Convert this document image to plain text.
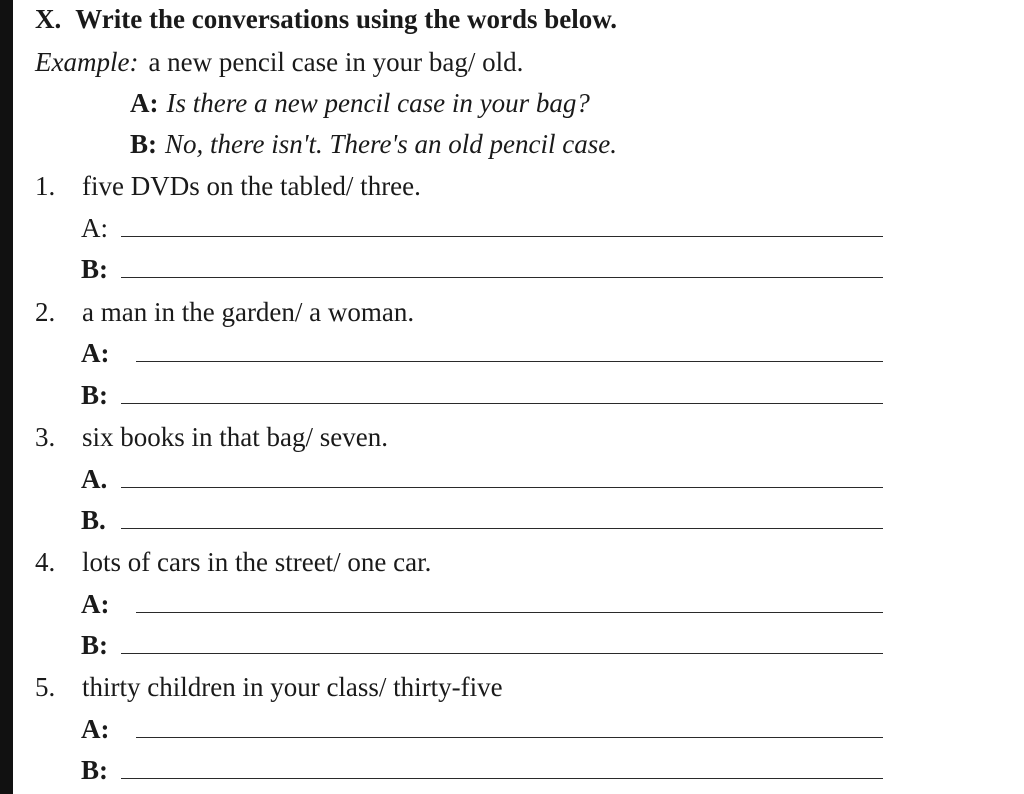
X. Write the conversations using the words below.
Example: a new pencil case in your bag/ old.
A: Is there a new pencil case in your bag?
B: No, there isn't. There's an old pencil case.
1. five DVDs on the tabled/ three.
A:
B:
2. a man in the garden/ a woman.
A:
B:
3. six books in that bag/ seven.
A.
B.
4. lots of cars in the street/ one car.
A:
B:
5. thirty children in your class/ thirty-five
A:
B:
